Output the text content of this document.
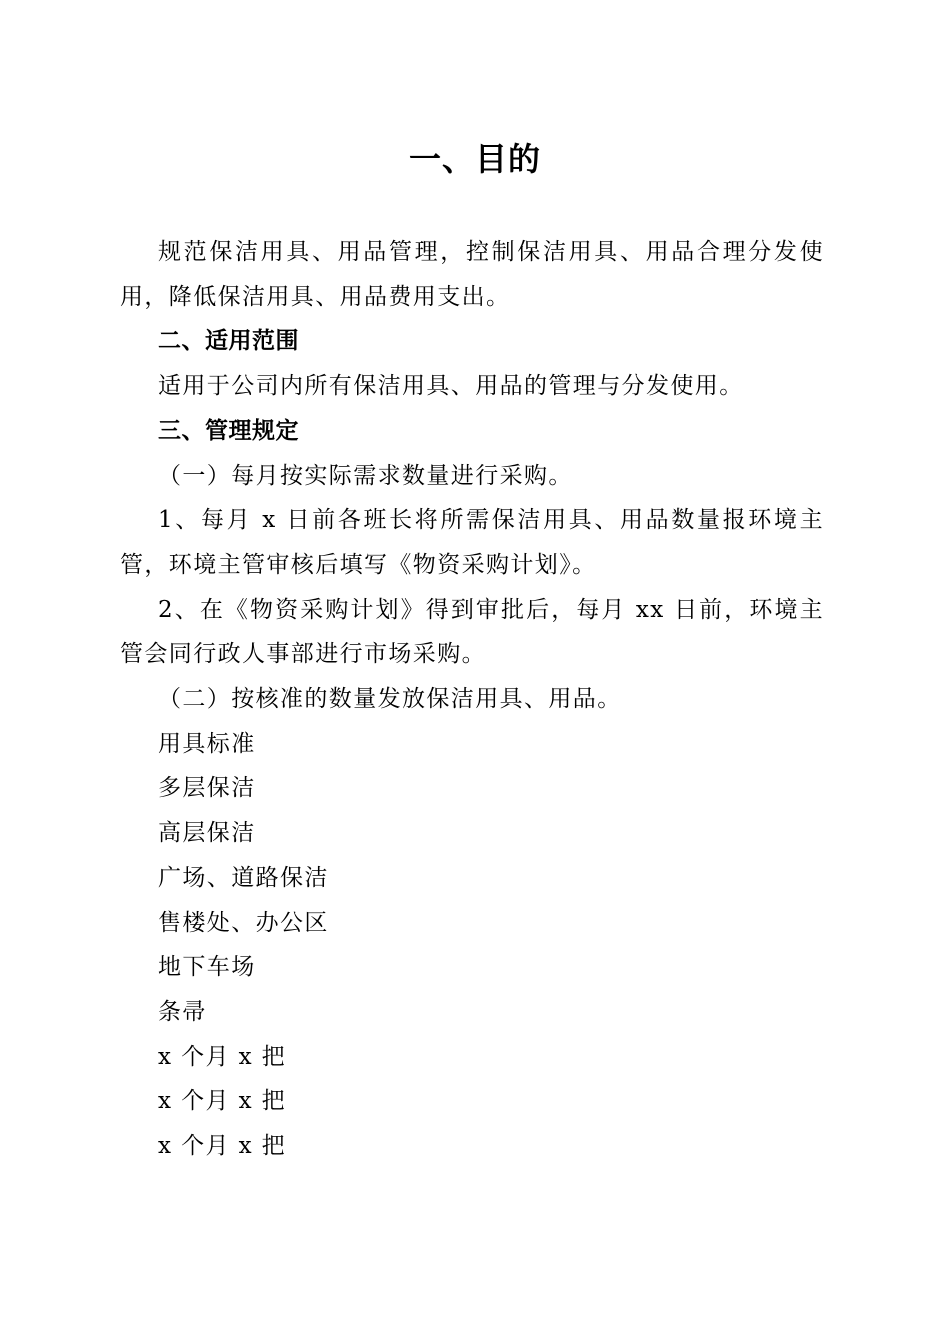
一、目的

规范保洁用具、用品管理，控制保洁用具、用品合理分发使用，降低保洁用具、用品费用支出。

二、适用范围

适用于公司内所有保洁用具、用品的管理与分发使用。

三、管理规定

（一）每月按实际需求数量进行采购。

1、每月 x 日前各班长将所需保洁用具、用品数量报环境主管，环境主管审核后填写《物资采购计划》。

2、在《物资采购计划》得到审批后，每月 xx 日前，环境主管会同行政人事部进行市场采购。

（二）按核准的数量发放保洁用具、用品。

用具标准

多层保洁

高层保洁

广场、道路保洁

售楼处、办公区

地下车场

条帚

x 个月 x 把

x 个月 x 把

x 个月 x 把
